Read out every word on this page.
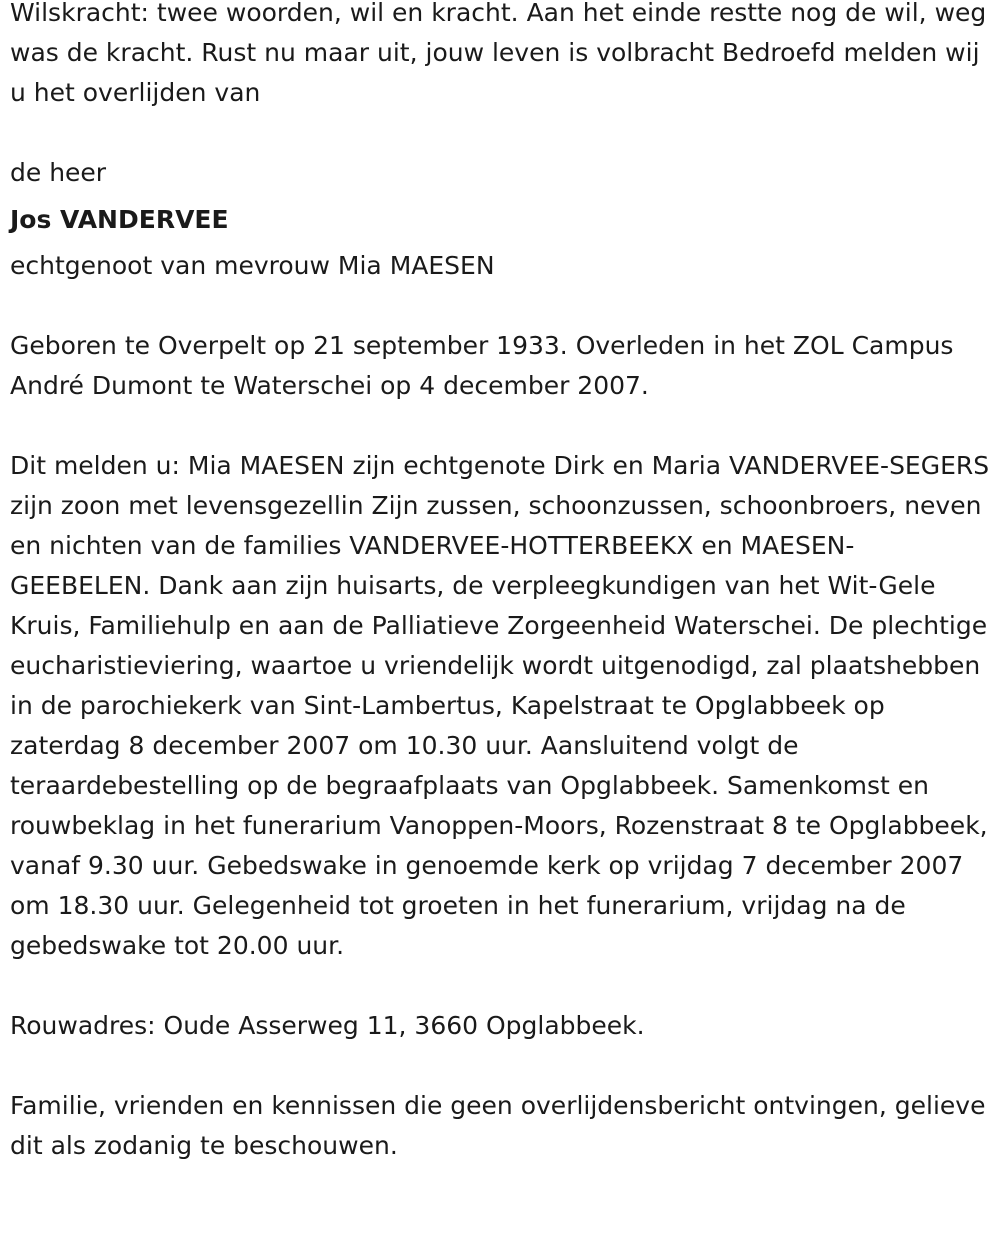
Wilskracht: twee woorden, wil en kracht. Aan het einde restte nog de wil, weg was de kracht. Rust nu maar uit, jouw leven is volbracht Bedroefd melden wij u het overlijden van

de heer

Jos VANDERVEE

echtgenoot van mevrouw Mia MAESEN

Geboren te Overpelt op 21 september 1933. Overleden in het ZOL Campus André Dumont te Waterschei op 4 december 2007.

Dit melden u: Mia MAESEN zijn echtgenote Dirk en Maria VANDERVEE-SEGERS zijn zoon met levensgezellin Zijn zussen, schoonzussen, schoonbroers, neven en nichten van de families VANDERVEE-HOTTERBEEKX en MAESEN-GEEBELEN. Dank aan zijn huisarts, de verpleegkundigen van het Wit-Gele Kruis, Familiehulp en aan de Palliatieve Zorgeenheid Waterschei. De plechtige eucharistieviering, waartoe u vriendelijk wordt uitgenodigd, zal plaatshebben in de parochiekerk van Sint-Lambertus, Kapelstraat te Opglabbeek op zaterdag 8 december 2007 om 10.30 uur. Aansluitend volgt de teraardebestelling op de begraafplaats van Opglabbeek. Samenkomst en rouwbeklag in het funerarium Vanoppen-Moors, Rozenstraat 8 te Opglabbeek, vanaf 9.30 uur. Gebedswake in genoemde kerk op vrijdag 7 december 2007 om 18.30 uur. Gelegenheid tot groeten in het funerarium, vrijdag na de gebedswake tot 20.00 uur.

Rouwadres: Oude Asserweg 11, 3660 Opglabbeek.

Familie, vrienden en kennissen die geen overlijdensbericht ontvingen, gelieve dit als zodanig te beschouwen.
